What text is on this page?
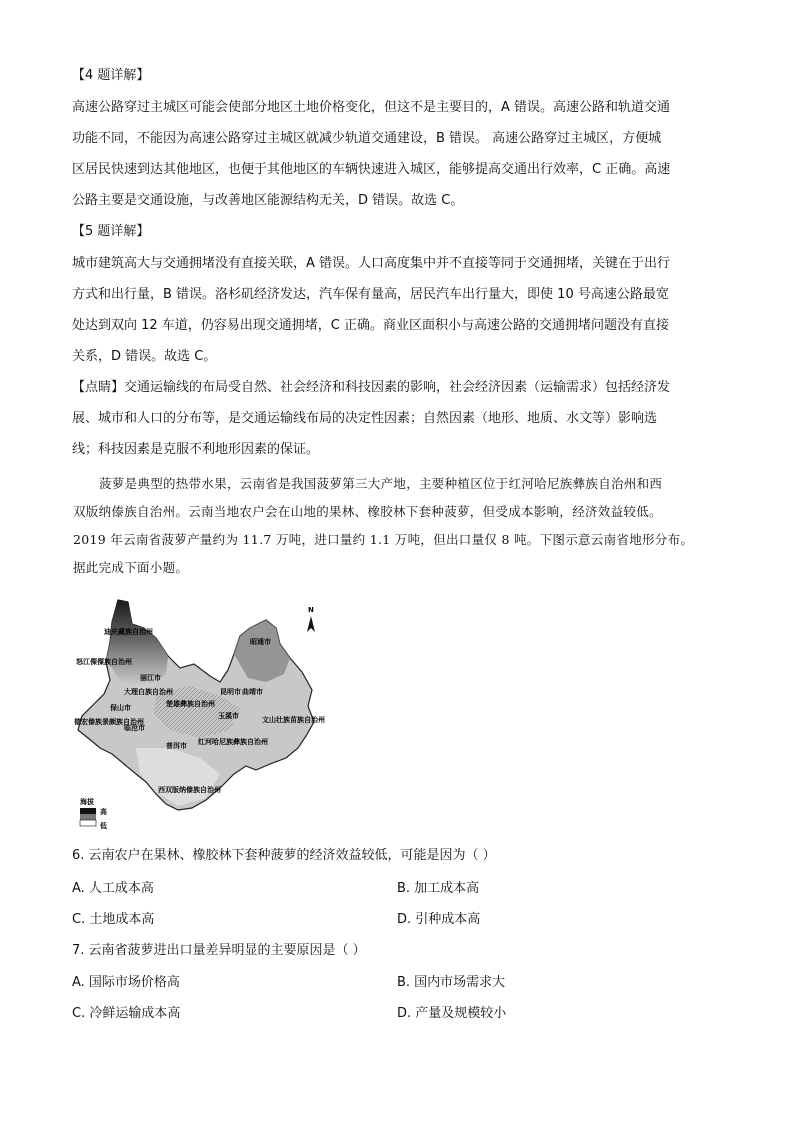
【4 题详解】
高速公路穿过主城区可能会使部分地区土地价格变化，但这不是主要目的，A 错误。高速公路和轨道交通
功能不同，不能因为高速公路穿过主城区就减少轨道交通建设，B 错误。 高速公路穿过主城区，方便城
区居民快速到达其他地区，也便于其他地区的车辆快速进入城区，能够提高交通出行效率，C 正确。高速
公路主要是交通设施，与改善地区能源结构无关，D 错误。故选 C。
【5 题详解】
城市建筑高大与交通拥堵没有直接关联，A 错误。人口高度集中并不直接等同于交通拥堵，关键在于出行
方式和出行量，B 错误。洛杉矶经济发达，汽车保有量高，居民汽车出行量大，即使 10 号高速公路最宽
处达到双向 12 车道，仍容易出现交通拥堵，C 正确。商业区面积小与高速公路的交通拥堵问题没有直接
关系，D 错误。故选 C。
【点睛】交通运输线的布局受自然、社会经济和科技因素的影响，社会经济因素（运输需求）包括经济发
展、城市和人口的分布等，是交通运输线布局的决定性因素；自然因素（地形、地质、水文等）影响选
线；科技因素是克服不利地形因素的保证。
菠萝是典型的热带水果，云南省是我国菠萝第三大产地，主要种植区位于红河哈尼族彝族自治州和西
双版纳傣族自治州。云南当地农户会在山地的果林、橡胶林下套种菠萝，但受成本影响，经济效益较低。
2019 年云南省菠萝产量约为 11.7 万吨，进口量约 1.1 万吨，但出口量仅 8 吨。下图示意云南省地形分布。
据此完成下面小题。
N
迪庆藏族自治州
怒江傈僳族自治州
昭通市
大理白族自治州
丽江市
楚雄彝族自治州
昆明市 曲靖市
保山市
德宏傣族景颇族自治州
临沧市
玉溪市	文山壮族苗族自治州
普洱市 红河哈尼族彝族自治州
西双版纳傣族自治州
海拔
高
低
6. 云南农户在果林、橡胶林下套种菠萝的经济效益较低，可能是因为（ ）
A. 人工成本高	B. 加工成本高
C. 土地成本高	D. 引种成本高
7. 云南省菠萝进出口量差异明显的主要原因是（ ）
A. 国际市场价格高	B. 国内市场需求大
C. 冷鲜运输成本高	D. 产量及规模较小
